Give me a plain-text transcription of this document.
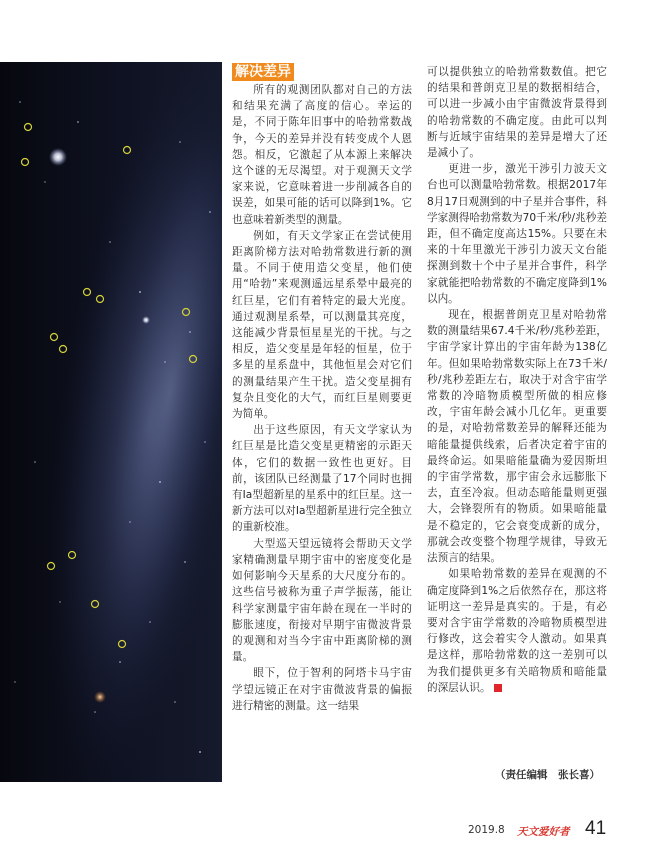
解决差异

所有的观测团队都对自己的方法和结果充满了高度的信心。幸运的是，不同于陈年旧事中的哈勃常数战争，今天的差异并没有转变成个人恩怨。相反，它激起了从本源上来解决这个谜的无尽渴望。对于观测天文学家来说，它意味着进一步削减各自的误差，如果可能的话可以降到1%。它也意味着新类型的测量。

例如，有天文学家正在尝试使用距离阶梯方法对哈勃常数进行新的测量。不同于使用造父变星，他们使用“哈勃”来观测遥远星系晕中最亮的红巨星，它们有着特定的最大光度。通过观测星系晕，可以测量其亮度，这能减少背景恒星星光的干扰。与之相反，造父变星是年轻的恒星，位于多星的星系盘中，其他恒星会对它们的测量结果产生干扰。造父变星拥有复杂且变化的大气，而红巨星则要更为简单。

出于这些原因，有天文学家认为红巨星是比造父变星更精密的示距天体，它们的数据一致性也更好。目前，该团队已经测量了17个同时也拥有Ia型超新星的星系中的红巨星。这一新方法可以对Ia型超新星进行完全独立的重新校准。

大型巡天望远镜将会帮助天文学家精确测量早期宇宙中的密度变化是如何影响今天星系的大尺度分布的。这些信号被称为重子声学振荡，能让科学家测量宇宙年龄在现在一半时的膨胀速度，衔接对早期宇宙微波背景的观测和对当今宇宙中距离阶梯的测量。

眼下，位于智利的阿塔卡马宇宙学望远镜正在对宇宙微波背景的偏振进行精密的测量。这一结果

可以提供独立的哈勃常数数值。把它的结果和普朗克卫星的数据相结合，可以进一步减小由宇宙微波背景得到的哈勃常数的不确定度。由此可以判断与近域宇宙结果的差异是增大了还是减小了。

更进一步，激光干涉引力波天文台也可以测量哈勃常数。根据2017年8月17日观测到的中子星并合事件，科学家测得哈勃常数为70千米/秒/兆秒差距，但不确定度高达15%。只要在未来的十年里激光干涉引力波天文台能探测到数十个中子星并合事件，科学家就能把哈勃常数的不确定度降到1%以内。

现在，根据普朗克卫星对哈勃常数的测量结果67.4千米/秒/兆秒差距，宇宙学家计算出的宇宙年龄为138亿年。但如果哈勃常数实际上在73千米/秒/兆秒差距左右，取决于对含宇宙学常数的冷暗物质模型所做的相应修改，宇宙年龄会减小几亿年。更重要的是，对哈勃常数差异的解释还能为暗能量提供线索，后者决定着宇宙的最终命运。如果暗能量确为爱因斯坦的宇宙学常数，那宇宙会永远膨胀下去，直至冷寂。但动态暗能量则更强大，会锋裂所有的物质。如果暗能量是不稳定的，它会衰变成新的成分，那就会改变整个物理学规律，导致无法预言的结果。

如果哈勃常数的差异在观测的不确定度降到1%之后依然存在，那这将证明这一差异是真实的。于是，有必要对含宇宙学常数的冷暗物质模型进行修改，这会着实令人激动。如果真是这样，那哈勃常数的这一差别可以为我们提供更多有关暗物质和暗能量的深层认识。

（责任编辑　张长喜）
2019.8 天文爱好者 41
